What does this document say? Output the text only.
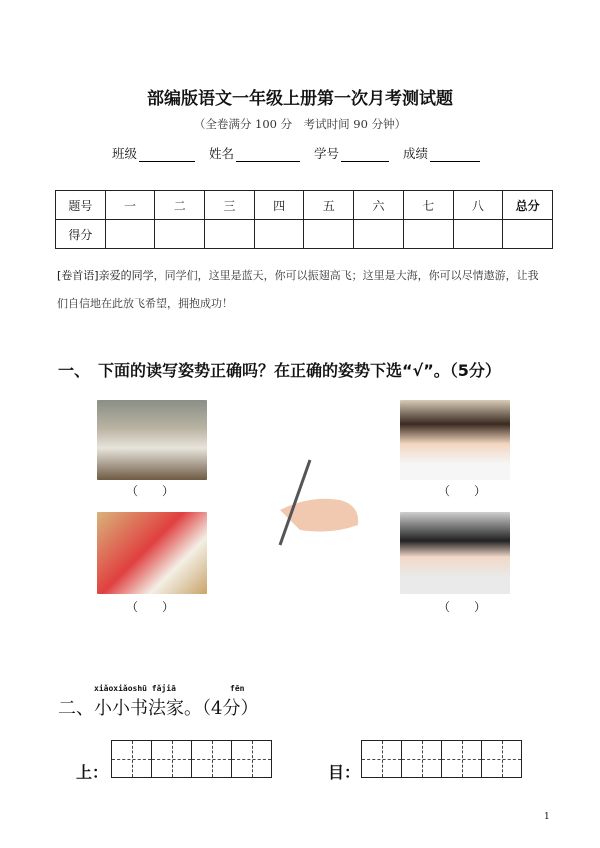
部编版语文一年级上册第一次月考测试题
（全卷满分 100 分　考试时间 90 分钟）
班级	姓名	学号	成绩
题号	一	二	三	四	五	六	七	八	总分
得分									
[卷首语]亲爱的同学，同学们，这里是蓝天，你可以振翅高飞；这里是大海，你可以尽情遨游，让我们自信地在此放飞希望，拥抱成功！
一、　下面的读写姿势正确吗？在正确的姿势下选“√”。（5分）
（　　）	（　　）
（　　）	（　　）
xiǎoxiǎoshū fǎjiā	fēn
二、小小书法家。（4分）
上：	目：
1
